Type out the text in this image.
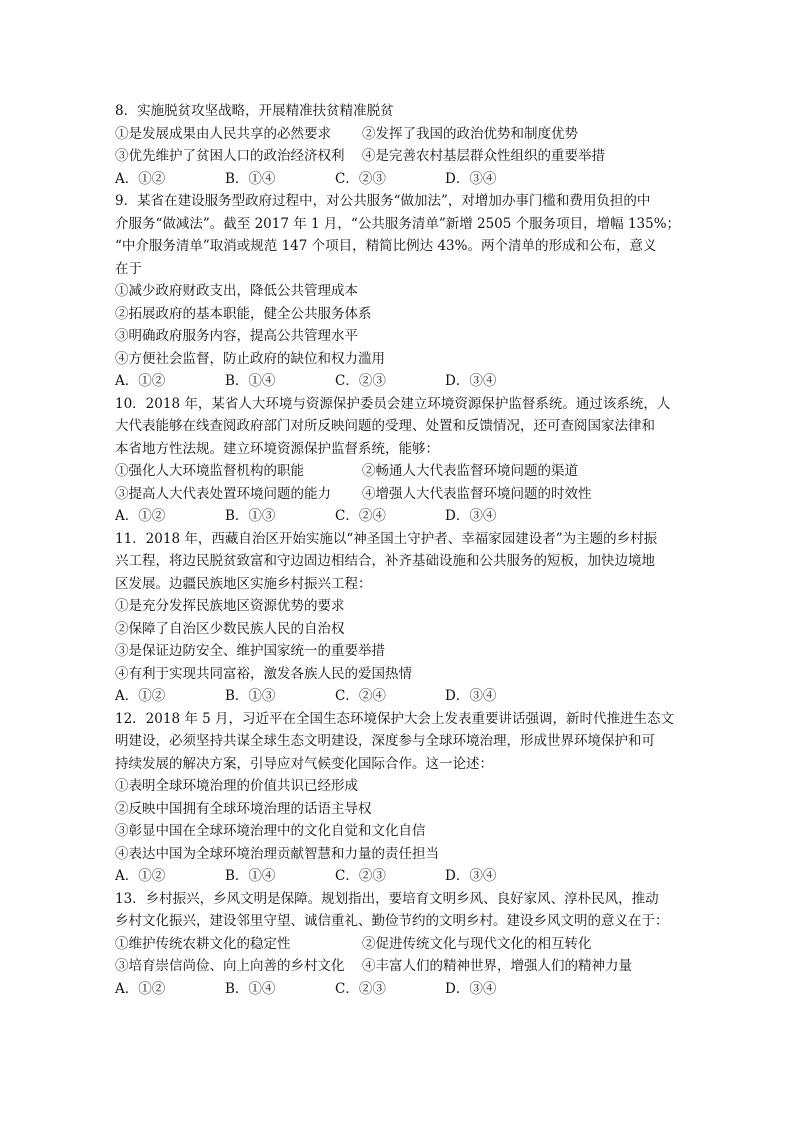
8．实施脱贫攻坚战略，开展精准扶贫精准脱贫
①是发展成果由人民共享的必然要求	②发挥了我国的政治优势和制度优势
③优先维护了贫困人口的政治经济权利	④是完善农村基层群众性组织的重要举措
A．①②	B．①④	C．②③	D．③④
9．某省在建设服务型政府过程中，对公共服务“做加法”，对增加办事门槛和费用负担的中
介服务“做减法”。截至 2017 年 1 月，“公共服务清单”新增 2505 个服务项目，增幅 135%；
“中介服务清单”取消或规范 147 个项目，精简比例达 43%。两个清单的形成和公布，意义
在于
①减少政府财政支出，降低公共管理成本
②拓展政府的基本职能，健全公共服务体系
③明确政府服务内容，提高公共管理水平
④方便社会监督，防止政府的缺位和权力滥用
A．①②	B．①④	C．②③	D．③④
10．2018 年，某省人大环境与资源保护委员会建立环境资源保护监督系统。通过该系统，人
大代表能够在线查阅政府部门对所反映问题的受理、处置和反馈情况，还可查阅国家法律和
本省地方性法规。建立环境资源保护监督系统，能够：
①强化人大环境监督机构的职能	②畅通人大代表监督环境问题的渠道
③提高人大代表处置环境问题的能力	④增强人大代表监督环境问题的时效性
A．①②	B．①③	C．②④	D．③④
11．2018 年，西藏自治区开始实施以“神圣国土守护者、幸福家园建设者”为主题的乡村振
兴工程，将边民脱贫致富和守边固边相结合，补齐基础设施和公共服务的短板，加快边境地
区发展。边疆民族地区实施乡村振兴工程：
①是充分发挥民族地区资源优势的要求
②保障了自治区少数民族人民的自治权
③是保证边防安全、维护国家统一的重要举措
④有利于实现共同富裕，激发各族人民的爱国热情
A．①②	B．①③	C．②④	D．③④
12．2018 年 5 月，习近平在全国生态环境保护大会上发表重要讲话强调，新时代推进生态文
明建设，必须坚持共谋全球生态文明建设，深度参与全球环境治理，形成世界环境保护和可
持续发展的解决方案，引导应对气候变化国际合作。这一论述：
①表明全球环境治理的价值共识已经形成
②反映中国拥有全球环境治理的话语主导权
③彰显中国在全球环境治理中的文化自觉和文化自信
④表达中国为全球环境治理贡献智慧和力量的责任担当
A．①②	B．①④	C．②③	D．③④
13．乡村振兴，乡风文明是保障。规划指出，要培育文明乡风、良好家风、淳朴民风，推动
乡村文化振兴，建设邻里守望、诚信重礼、勤俭节约的文明乡村。建设乡风文明的意义在于：
①维护传统农耕文化的稳定性	②促进传统文化与现代文化的相互转化
③培育崇信尚俭、向上向善的乡村文化	④丰富人们的精神世界，增强人们的精神力量
A．①②	B．①④	C．②③	D．③④
